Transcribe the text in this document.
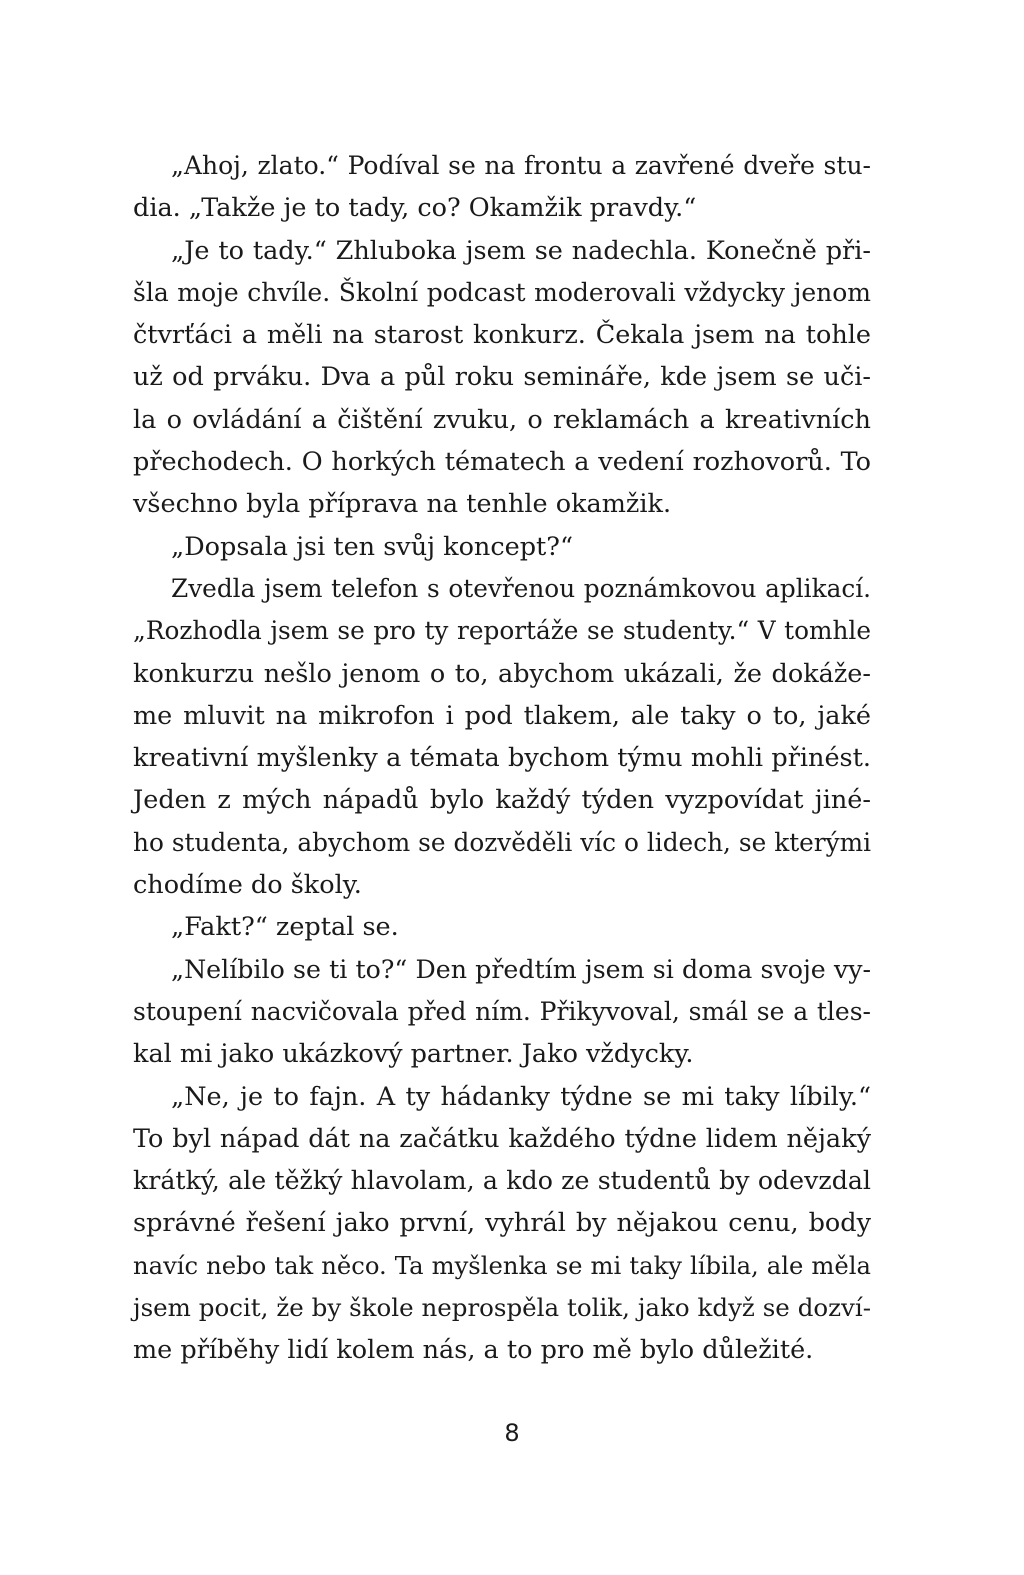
„Ahoj, zlato.“ Podíval se na frontu a zavřené dveře stu-
dia. „Takže je to tady, co? Okamžik pravdy.“
„Je to tady.“ Zhluboka jsem se nadechla. Konečně při-
šla moje chvíle. Školní podcast moderovali vždycky jenom
čtvrťáci a měli na starost konkurz. Čekala jsem na tohle
už od prváku. Dva a půl roku semináře, kde jsem se uči-
la o ovládání a čištění zvuku, o reklamách a kreativních
přechodech. O horkých tématech a vedení rozhovorů. To
všechno byla příprava na tenhle okamžik.
„Dopsala jsi ten svůj koncept?“
Zvedla jsem telefon s otevřenou poznámkovou aplikací.
„Rozhodla jsem se pro ty reportáže se studenty.“ V tomhle
konkurzu nešlo jenom o to, abychom ukázali, že dokáže-
me mluvit na mikrofon i pod tlakem, ale taky o to, jaké
kreativní myšlenky a témata bychom týmu mohli přinést.
Jeden z mých nápadů bylo každý týden vyzpovídat jiné-
ho studenta, abychom se dozvěděli víc o lidech, se kterými
chodíme do školy.
„Fakt?“ zeptal se.
„Nelíbilo se ti to?“ Den předtím jsem si doma svoje vy-
stoupení nacvičovala před ním. Přikyvoval, smál se a tles-
kal mi jako ukázkový partner. Jako vždycky.
„Ne, je to fajn. A ty hádanky týdne se mi taky líbily.“
To byl nápad dát na začátku každého týdne lidem nějaký
krátký, ale těžký hlavolam, a kdo ze studentů by odevzdal
správné řešení jako první, vyhrál by nějakou cenu, body
navíc nebo tak něco. Ta myšlenka se mi taky líbila, ale měla
jsem pocit, že by škole neprospěla tolik, jako když se dozví-
me příběhy lidí kolem nás, a to pro mě bylo důležité.
8
